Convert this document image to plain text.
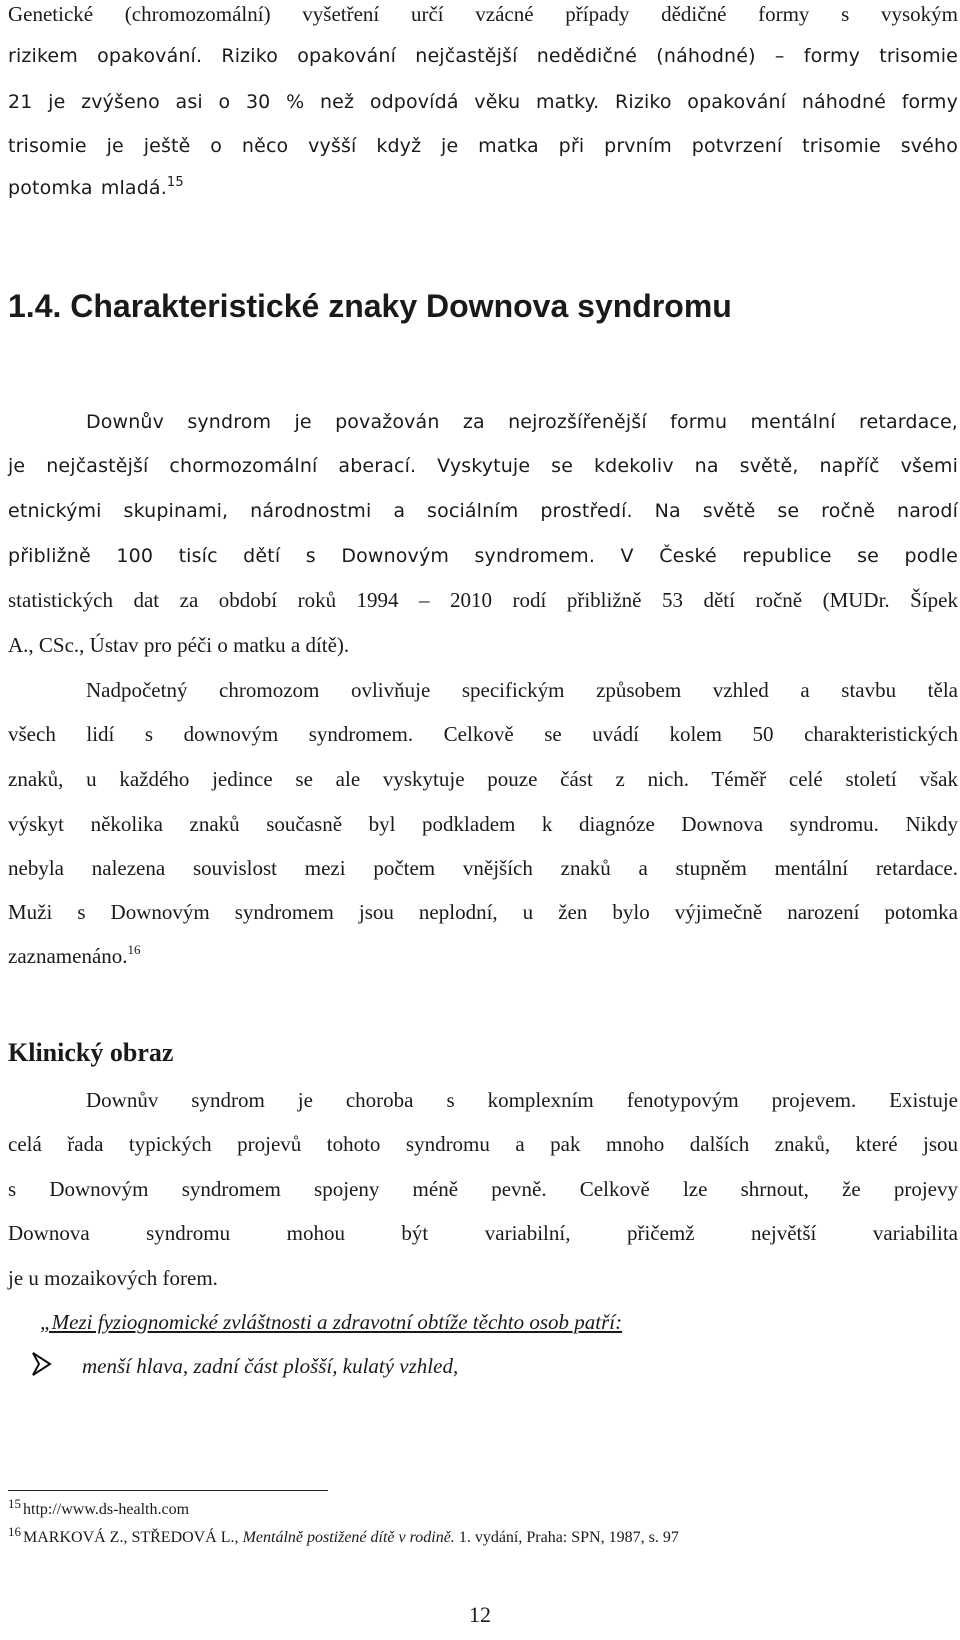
Genetické (chromozomální) vyšetření určí vzácné případy dědičné formy s vysokým
rizikem opakování. Riziko opakování nejčastější nedědičné (náhodné) – formy trisomie
21 je zvýšeno asi o 30 % než odpovídá věku matky. Riziko opakování náhodné formy
trisomie je ještě o něco vyšší když je matka při prvním potvrzení trisomie svého
potomka mladá.$^{15}$
1.4. Charakteristické znaky Downova syndromu
Downův syndrom je považován za nejrozšířenější formu mentální retardace,
je nejčastější chormozomální aberací. Vyskytuje se kdekoliv na světě, napříč všemi
etnickými skupinami, národnostmi a sociálním prostředí. Na světě se ročně narodí
přibližně 100 tisíc dětí s Downovým syndromem. V České republice se podle
statistických dat za období roků 1994 – 2010 rodí přibližně 53 dětí ročně (MUDr. Šípek
A., CSc., Ústav pro péči o matku a dítě).
Nadpočetný chromozom ovlivňuje specifickým způsobem vzhled a stavbu těla
všech lidí s downovým syndromem. Celkově se uvádí kolem 50 charakteristických
znaků, u každého jedince se ale vyskytuje pouze část z nich. Téměř celé století však
výskyt několika znaků současně byl podkladem k diagnóze Downova syndromu. Nikdy
nebyla nalezena souvislost mezi počtem vnějších znaků a stupněm mentální retardace.
Muži s Downovým syndromem jsou neplodní, u žen bylo výjimečně narození potomka
zaznamenáno.$^{16}$
Klinický obraz
Downův syndrom je choroba s komplexním fenotypovým projevem. Existuje
celá řada typických projevů tohoto syndromu a pak mnoho dalších znaků, které jsou
s Downovým syndromem spojeny méně pevně. Celkově lze shrnout, že projevy
Downova syndromu mohou být variabilní, přičemž největší variabilita
je u mozaikových forem.
„Mezi fyziognomické zvláštnosti a zdravotní obtíže těchto osob patří:
menší hlava, zadní část plošší, kulatý vzhled,
$^{15}$ http://www.ds-health.com
$^{16}$ MARKOVÁ Z., STŘEDOVÁ L., Mentálně postižené dítě v rodině. 1. vydání, Praha: SPN, 1987, s. 97
12
